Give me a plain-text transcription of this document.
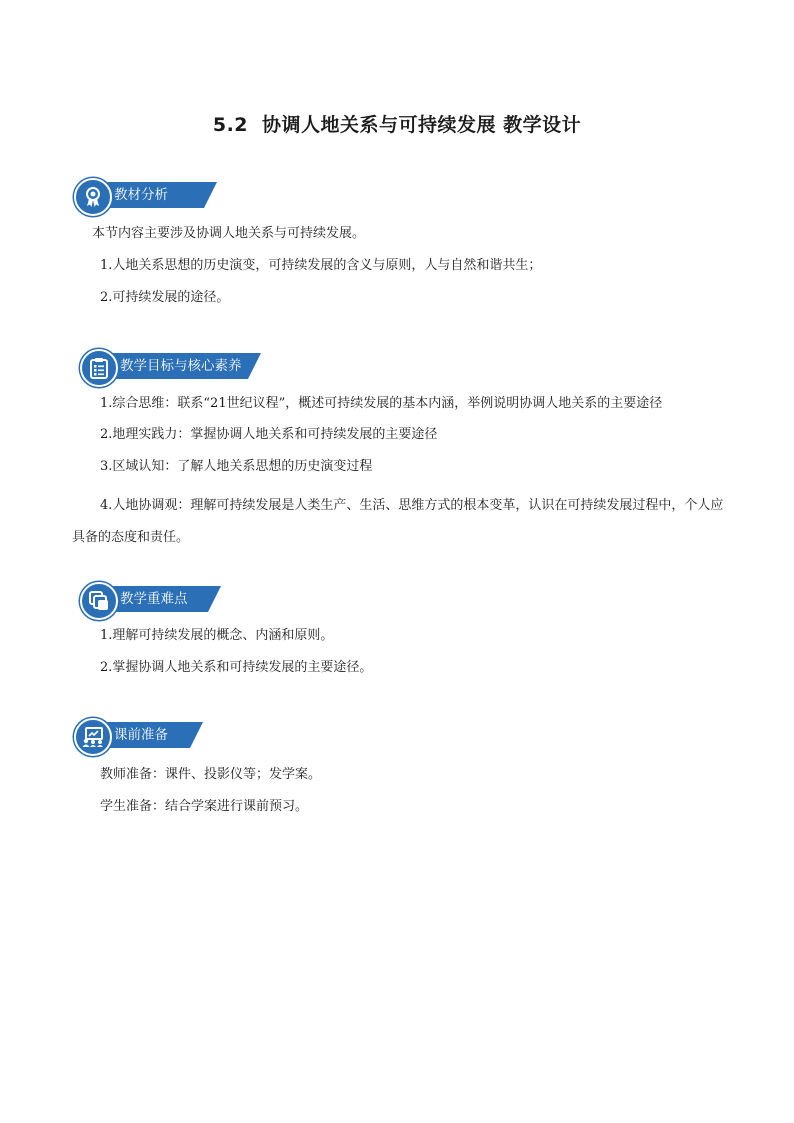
5.2 协调人地关系与可持续发展 教学设计
教材分析
本节内容主要涉及协调人地关系与可持续发展。
1.人地关系思想的历史演变，可持续发展的含义与原则，人与自然和谐共生；
2.可持续发展的途径。
教学目标与核心素养
1.综合思维：联系“21世纪议程”，概述可持续发展的基本内涵，举例说明协调人地关系的主要途径
2.地理实践力：掌握协调人地关系和可持续发展的主要途径
3.区域认知：了解人地关系思想的历史演变过程
4.人地协调观：理解可持续发展是人类生产、生活、思维方式的根本变革，认识在可持续发展过程中，个人应具备的态度和责任。
教学重难点
1.理解可持续发展的概念、内涵和原则。
2.掌握协调人地关系和可持续发展的主要途径。
课前准备
教师准备：课件、投影仪等；发学案。
学生准备：结合学案进行课前预习。
